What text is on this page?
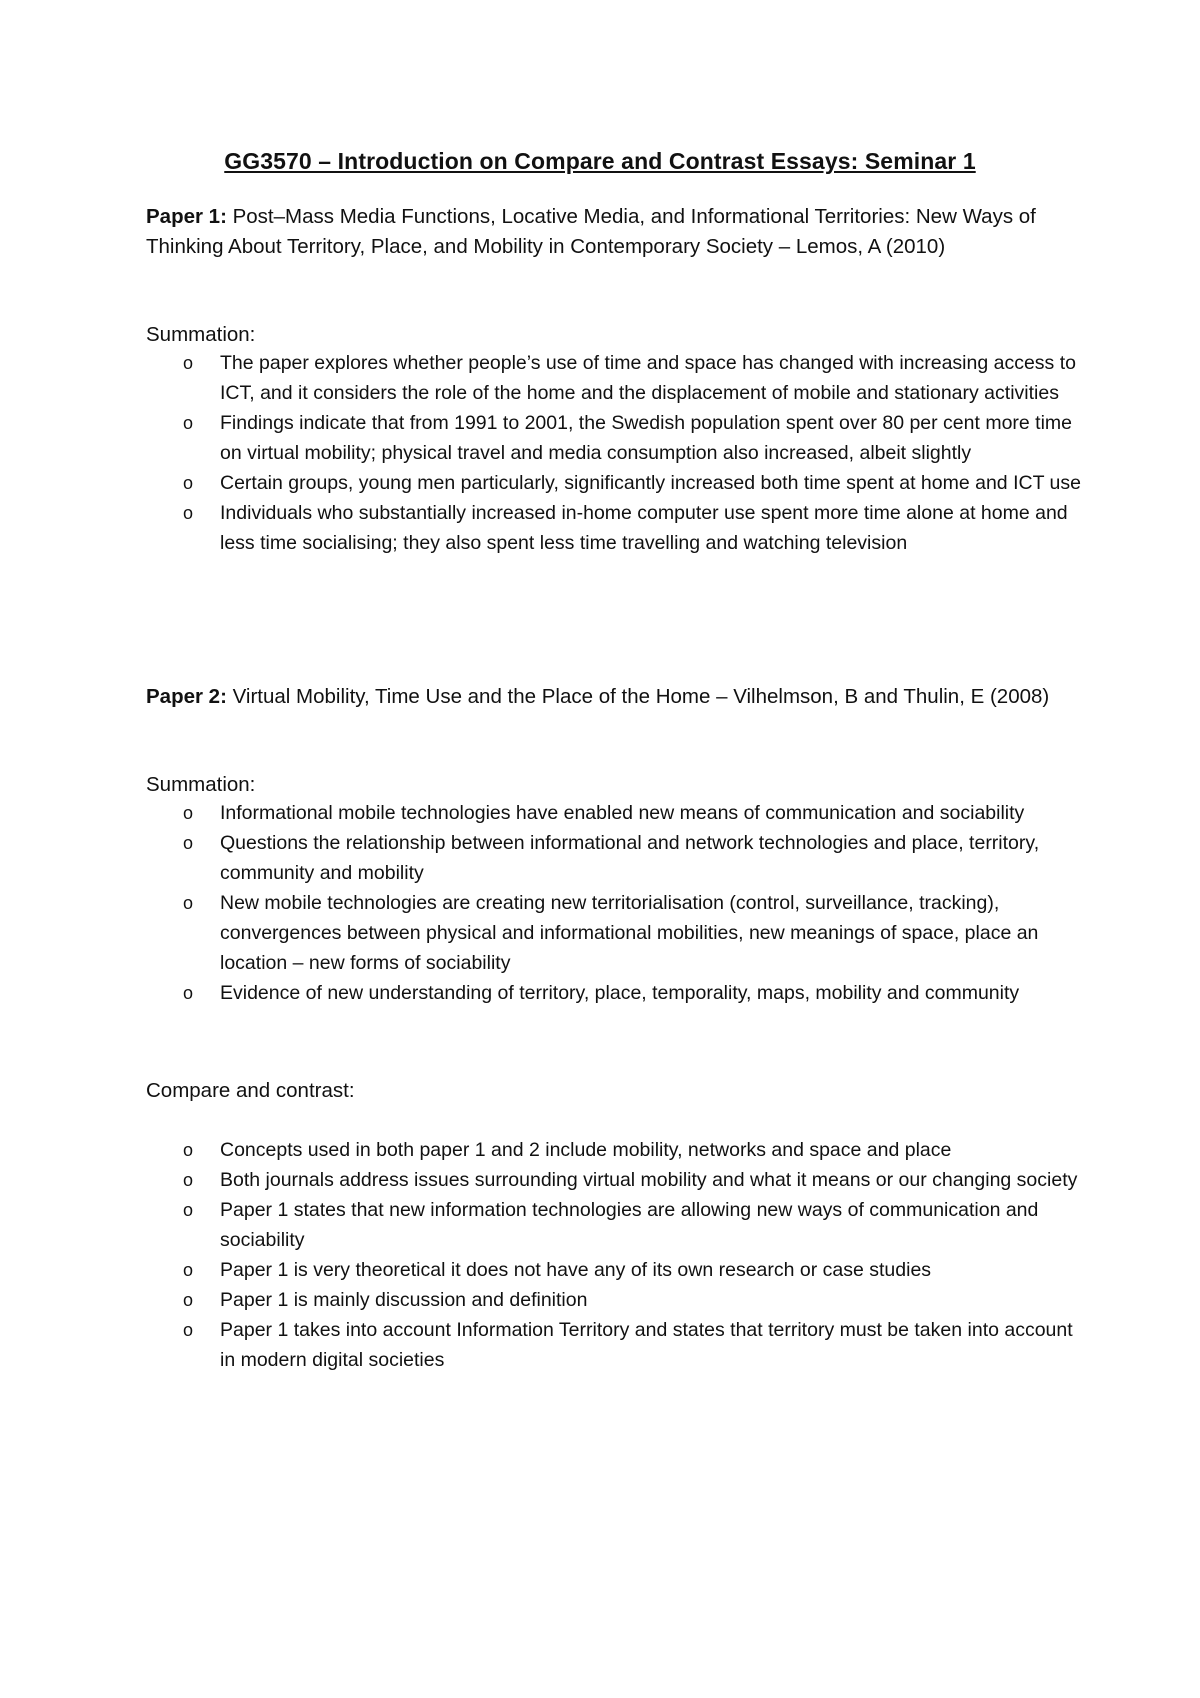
GG3570 – Introduction on Compare and Contrast Essays: Seminar 1
Paper 1: Post–Mass Media Functions, Locative Media, and Informational Territories: New Ways of Thinking About Territory, Place, and Mobility in Contemporary Society – Lemos, A (2010)
Summation:
o The paper explores whether people’s use of time and space has changed with increasing access to ICT, and it considers the role of the home and the displacement of mobile and stationary activities
o Findings indicate that from 1991 to 2001, the Swedish population spent over 80 per cent more time on virtual mobility; physical travel and media consumption also increased, albeit slightly
o Certain groups, young men particularly, significantly increased both time spent at home and ICT use
o Individuals who substantially increased in-home computer use spent more time alone at home and less time socialising; they also spent less time travelling and watching television
Paper 2: Virtual Mobility, Time Use and the Place of the Home – Vilhelmson, B and Thulin, E (2008)
Summation:
o Informational mobile technologies have enabled new means of communication and sociability
o Questions the relationship between informational and network technologies and place, territory, community and mobility
o New mobile technologies are creating new territorialisation (control, surveillance, tracking), convergences between physical and informational mobilities, new meanings of space, place an location – new forms of sociability
o Evidence of new understanding of territory, place, temporality, maps, mobility and community
Compare and contrast:
o Concepts used in both paper 1 and 2 include mobility, networks and space and place
o Both journals address issues surrounding virtual mobility and what it means or our changing society
o Paper 1 states that new information technologies are allowing new ways of communication and sociability
o Paper 1 is very theoretical it does not have any of its own research or case studies
o Paper 1 is mainly discussion and definition
o Paper 1 takes into account Information Territory and states that territory must be taken into account in modern digital societies
